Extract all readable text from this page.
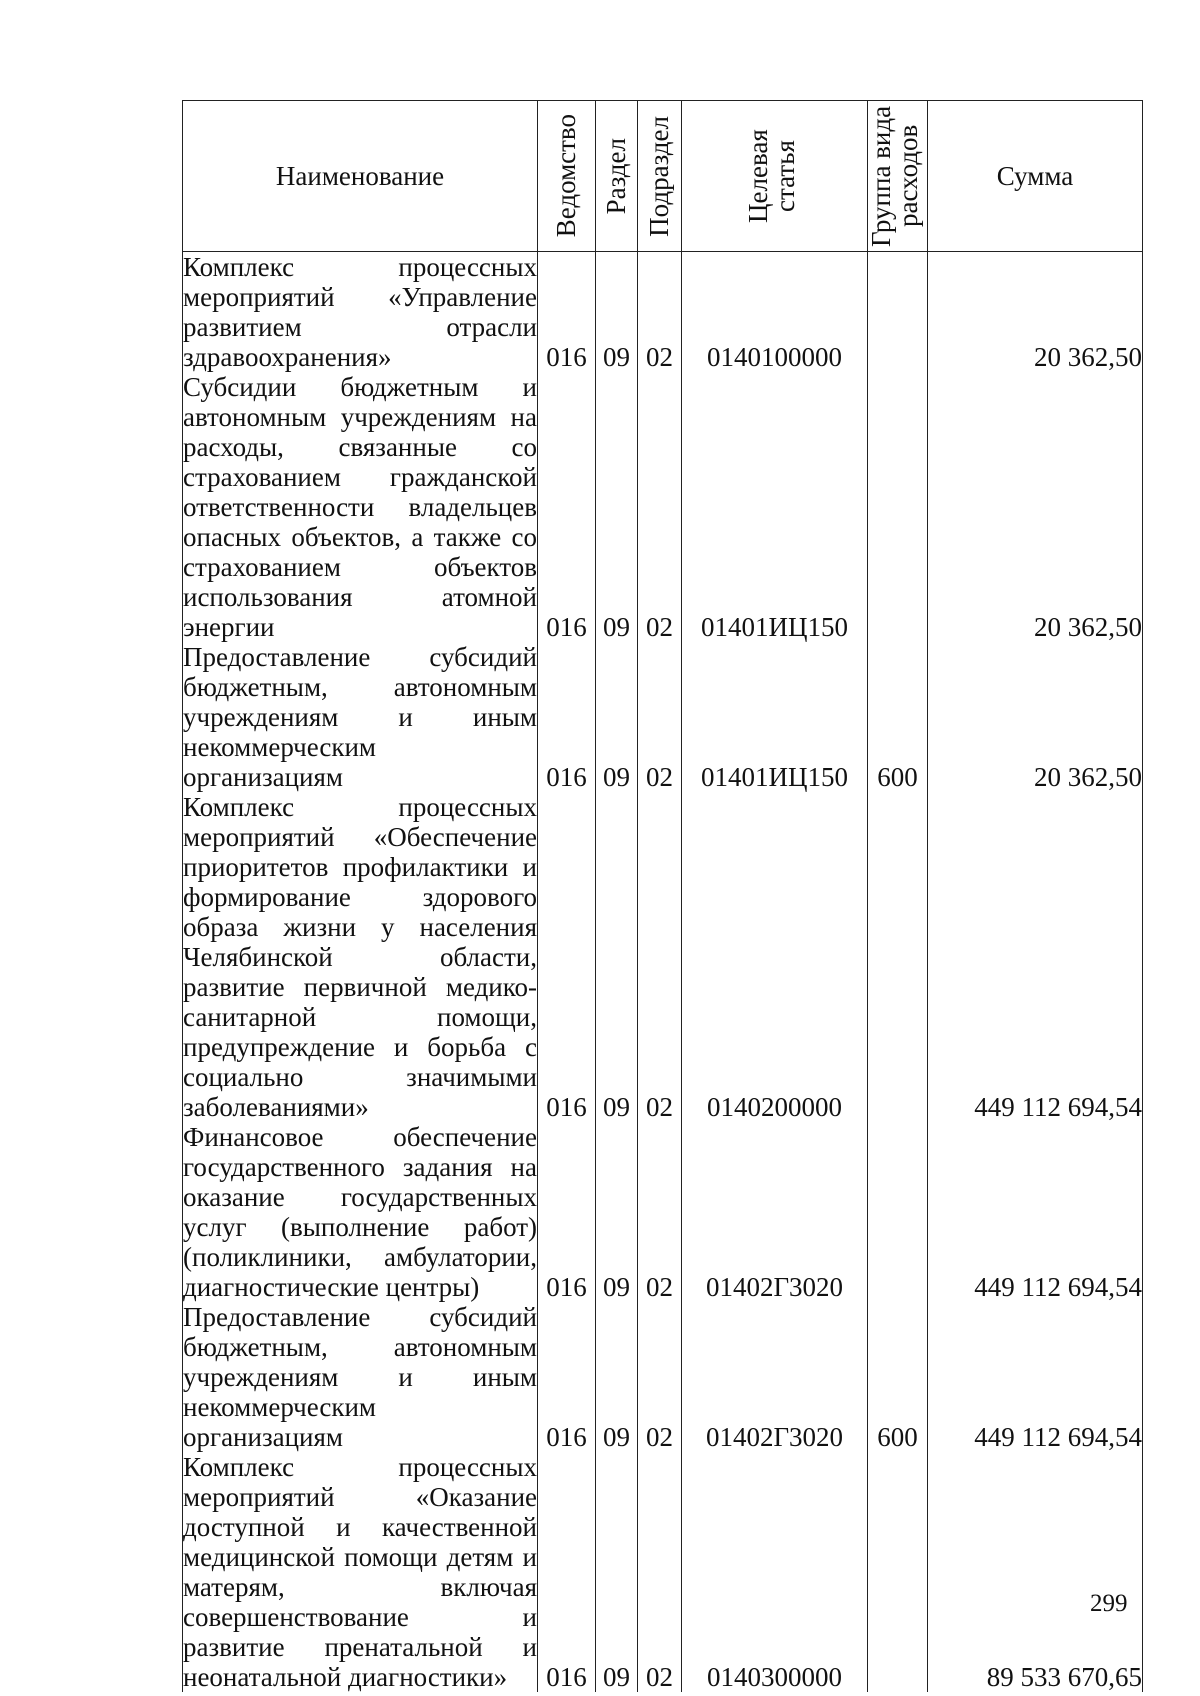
Наименование	Ведомство	Раздел	Подраздел	Целевая статья	Группа вида расходов	Сумма

Комплекс процессных мероприятий «Управление развитием отрасли здравоохранения»	016	09	02	0140100000		20 362,50
Субсидии бюджетным и автономным учреждениям на расходы, связанные со страхованием гражданской ответственности владельцев опасных объектов, а также со страхованием объектов использования атомной энергии	016	09	02	01401ИЦ150		20 362,50
Предоставление субсидий бюджетным, автономным учреждениям и иным некоммерческим организациям	016	09	02	01401ИЦ150	600	20 362,50
Комплекс процессных мероприятий «Обеспечение приоритетов профилактики и формирование здорового образа жизни у населения Челябинской области, развитие первичной медико-санитарной помощи, предупреждение и борьба с социально значимыми заболеваниями»	016	09	02	0140200000		449 112 694,54
Финансовое обеспечение государственного задания на оказание государственных услуг (выполнение работ) (поликлиники, амбулатории, диагностические центры)	016	09	02	01402Г3020		449 112 694,54
Предоставление субсидий бюджетным, автономным учреждениям и иным некоммерческим организациям	016	09	02	01402Г3020	600	449 112 694,54
Комплекс процессных мероприятий «Оказание доступной и качественной медицинской помощи детям и матерям, включая совершенствование и развитие пренатальной и неонатальной диагностики»	016	09	02	0140300000		89 533 670,65
299
